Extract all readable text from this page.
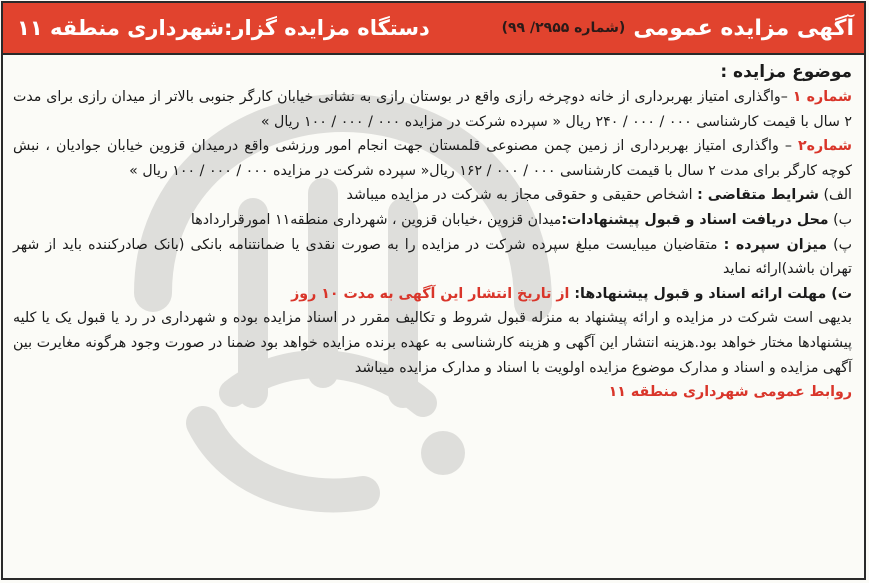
آگهی مزایده عمومی
(شماره ۲۹۵۵/ ۹۹)
دستگاه مزایده گزار:شهرداری منطقه ۱۱

موضوع مزایده :

شماره ۱ –واگذاری امتیاز بهربرداری از خانه دوچرخه رازی واقع در بوستان رازی به نشانی خیابان کارگر جنوبی بالاتر از میدان رازی برای مدت ۲ سال با قیمت کارشناسی ۰۰۰ / ۰۰۰ / ۲۴۰ ریال « سپرده شرکت در مزایده ۰۰۰ / ۰۰۰ / ۱۰۰ ریال »

شماره۲ – واگذاری امتیاز بهربرداری از زمین چمن مصنوعی قلمستان جهت انجام امور ورزشی واقع درمیدان قزوین خیابان جوادیان ، نبش کوچه کارگر برای مدت ۲ سال با قیمت کارشناسی ۰۰۰ / ۰۰۰ / ۱۶۲ ریال« سپرده شرکت در مزایده ۰۰۰ / ۰۰۰ / ۱۰۰ ریال »

الف) شرایط متقاضی : اشخاص حقیقی و حقوقی مجاز به شرکت در مزایده میباشد

ب) محل دریافت اسناد و قبول پیشنهادات:میدان قزوین ،خیابان قزوین ، شهرداری منطقه۱۱ امورقراردادها

پ) میزان سپرده : متقاضیان میبایست مبلغ سپرده شرکت در مزایده را به صورت نقدی یا ضمانتنامه بانکی (بانک صادرکننده باید از شهر تهران باشد)ارائه نماید

ت) مهلت ارائه اسناد و قبول پیشنهادها: از تاریخ انتشار این آگهی به مدت ۱۰ روز

بدیهی است شرکت در مزایده و ارائه پیشنهاد به منزله قبول شروط و تکالیف مقرر در اسناد مزایده بوده و شهرداری در رد یا قبول یک یا کلیه پیشنهادها مختار خواهد بود.هزینه انتشار این آگهی و هزینه کارشناسی به عهده برنده مزایده خواهد بود ضمنا در صورت وجود هرگونه مغایرت بین آگهی مزایده و اسناد و مدارک موضوع مزایده اولویت با اسناد و مدارک مزایده میباشد

روابط عمومی شهرداری منطقه ۱۱
